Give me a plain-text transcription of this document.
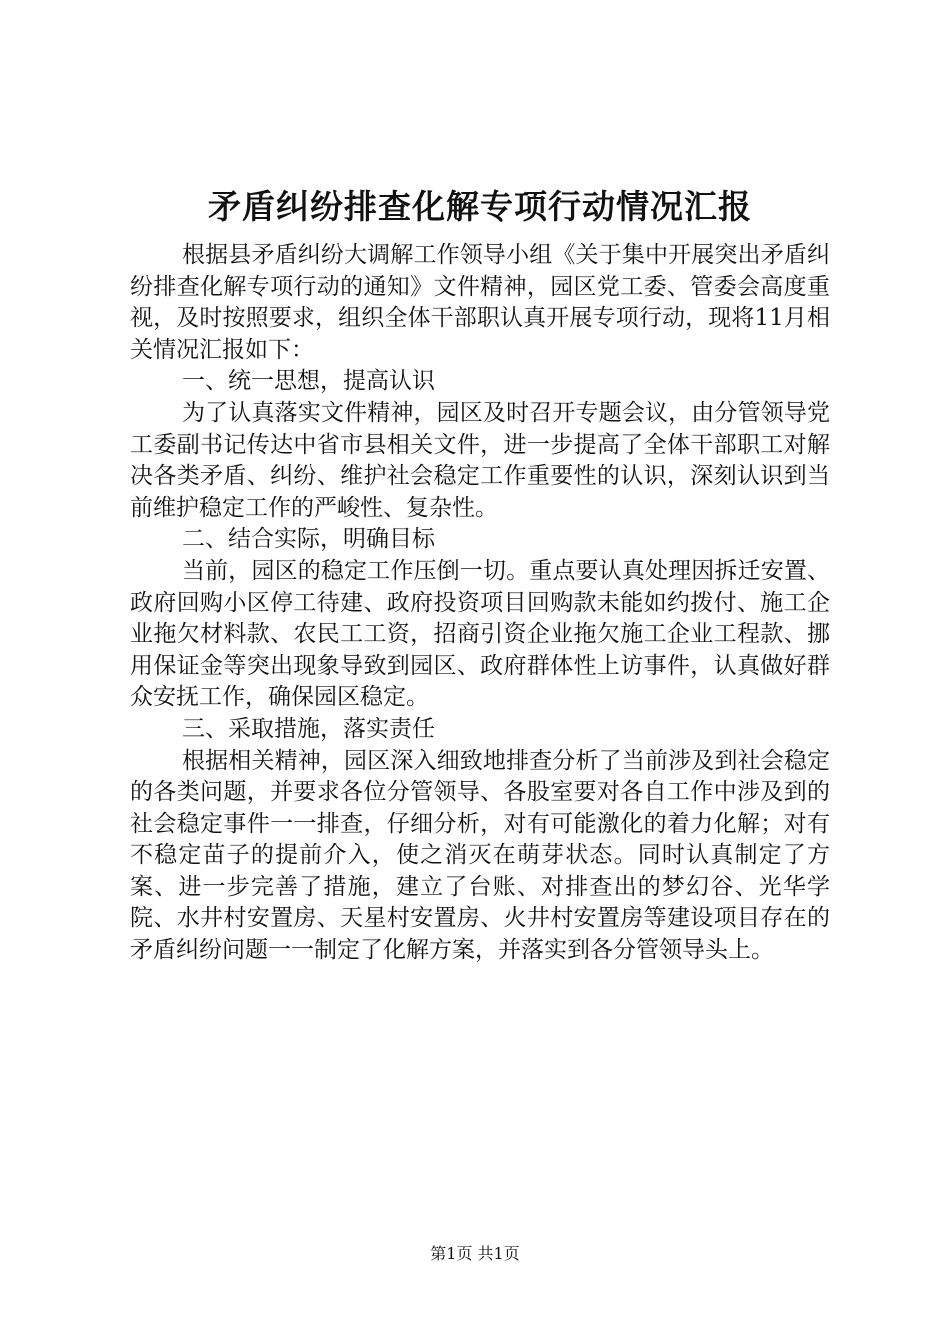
矛盾纠纷排查化解专项行动情况汇报

根据县矛盾纠纷大调解工作领导小组《关于集中开展突出矛盾纠纷排查化解专项行动的通知》文件精神，园区党工委、管委会高度重视，及时按照要求，组织全体干部职认真开展专项行动，现将11月相关情况汇报如下：

一、统一思想，提高认识

为了认真落实文件精神，园区及时召开专题会议，由分管领导党工委副书记传达中省市县相关文件，进一步提高了全体干部职工对解决各类矛盾、纠纷、维护社会稳定工作重要性的认识，深刻认识到当前维护稳定工作的严峻性、复杂性。

二、结合实际，明确目标

当前，园区的稳定工作压倒一切。重点要认真处理因拆迁安置、政府回购小区停工待建、政府投资项目回购款未能如约拨付、施工企业拖欠材料款、农民工工资，招商引资企业拖欠施工企业工程款、挪用保证金等突出现象导致到园区、政府群体性上访事件，认真做好群众安抚工作，确保园区稳定。

三、采取措施，落实责任

根据相关精神，园区深入细致地排查分析了当前涉及到社会稳定的各类问题，并要求各位分管领导、各股室要对各自工作中涉及到的社会稳定事件一一排查，仔细分析，对有可能激化的着力化解；对有不稳定苗子的提前介入，使之消灭在萌芽状态。同时认真制定了方案、进一步完善了措施，建立了台账、对排查出的梦幻谷、光华学院、水井村安置房、天星村安置房、火井村安置房等建设项目存在的矛盾纠纷问题一一制定了化解方案，并落实到各分管领导头上。

第1页 共1页
